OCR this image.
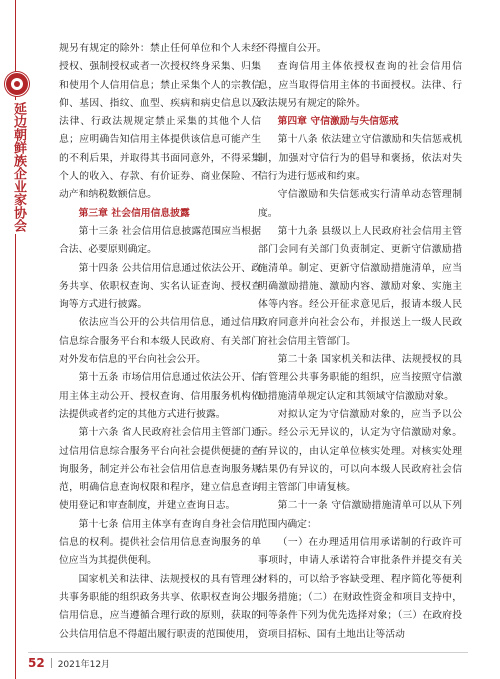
延边朝鲜族企业家协会

规另有规定的除外：禁止任何单位和个人未经授权、强制授权或者一次授权终身采集、归集和使用个人信用信息；禁止采集个人的宗教信仰、基因、指纹、血型、疾病和病史信息以及法律、行政法规规定禁止采集的其他个人信息；应明确告知信用主体提供该信息可能产生的不利后果，并取得其书面同意外，不得采集个人的收入、存款、有价证券、商业保险、不动产和纳税数额信息。

第三章 社会信用信息披露

第十三条 社会信用信息披露范围应当根据合法、必要原则确定。

第十四条 公共信用信息通过依法公开、政务共享、依职权查询、实名认证查询、授权查询等方式进行披露。

依法应当公开的公共信用信息，通过信用信息综合服务平台和本级人民政府、有关部门对外发布信息的平台向社会公开。

第十五条 市场信用信息通过依法公开、信用主体主动公开、授权查询、信用服务机构依法提供或者约定的其他方式进行披露。

第十六条 省人民政府社会信用主管部门通过信用信息综合服务平台向社会提供便捷的查询服务，制定并公布社会信用信息查询服务规范，明确信息查询权限和程序，建立信息查询使用登记和审查制度，并建立查询日志。

第十七条 信用主体享有查询自身社会信用信息的权利。提供社会信用信息查询服务的单位应当为其提供便利。

国家机关和法律、法规授权的具有管理公共事务职能的组织政务共享、依职权查询公共信用信息，应当遵循合理行政的原则，获取的公共信用信息不得超出履行职责的范围使用，

不得擅自公开。

查询信用主体依授权查询的社会信用信息，应当取得信用主体的书面授权。法律、行政法规另有规定的除外。

第四章 守信激励与失信惩戒

第十八条 依法建立守信激励和失信惩戒机制，加强对守信行为的倡导和褒扬，依法对失信行为进行惩戒和约束。

守信激励和失信惩戒实行清单动态管理制度。

第十九条 县级以上人民政府社会信用主管部门会同有关部门负责制定、更新守信激励措施清单。制定、更新守信激励措施清单，应当明确激励措施、激励内容、激励对象、实施主体等内容。经公开征求意见后，报请本级人民政府同意并向社会公布，并报送上一级人民政府社会信用主管部门。

第二十条 国家机关和法律、法规授权的具有管理公共事务职能的组织，应当按照守信激励措施清单规定认定和其领域守信激励对象。

对拟认定为守信激励对象的，应当予以公示。经公示无异议的，认定为守信激励对象。有异议的，由认定单位核实处理。对核实处理结果仍有异议的，可以向本级人民政府社会信用主管部门申请复核。

第二十一条 守信激励措施清单可以从下列范围内确定：

（一）在办理适用信用承诺制的行政许可事项时，申请人承诺符合审批条件并提交有关材料的，可以给予容缺受理、程序简化等便利服务措施；（二）在财政性资金和项目支持中，同等条件下列为优先选择对象；（三）在政府投资项目招标、国有土地出让等活动

52 2021年12月
